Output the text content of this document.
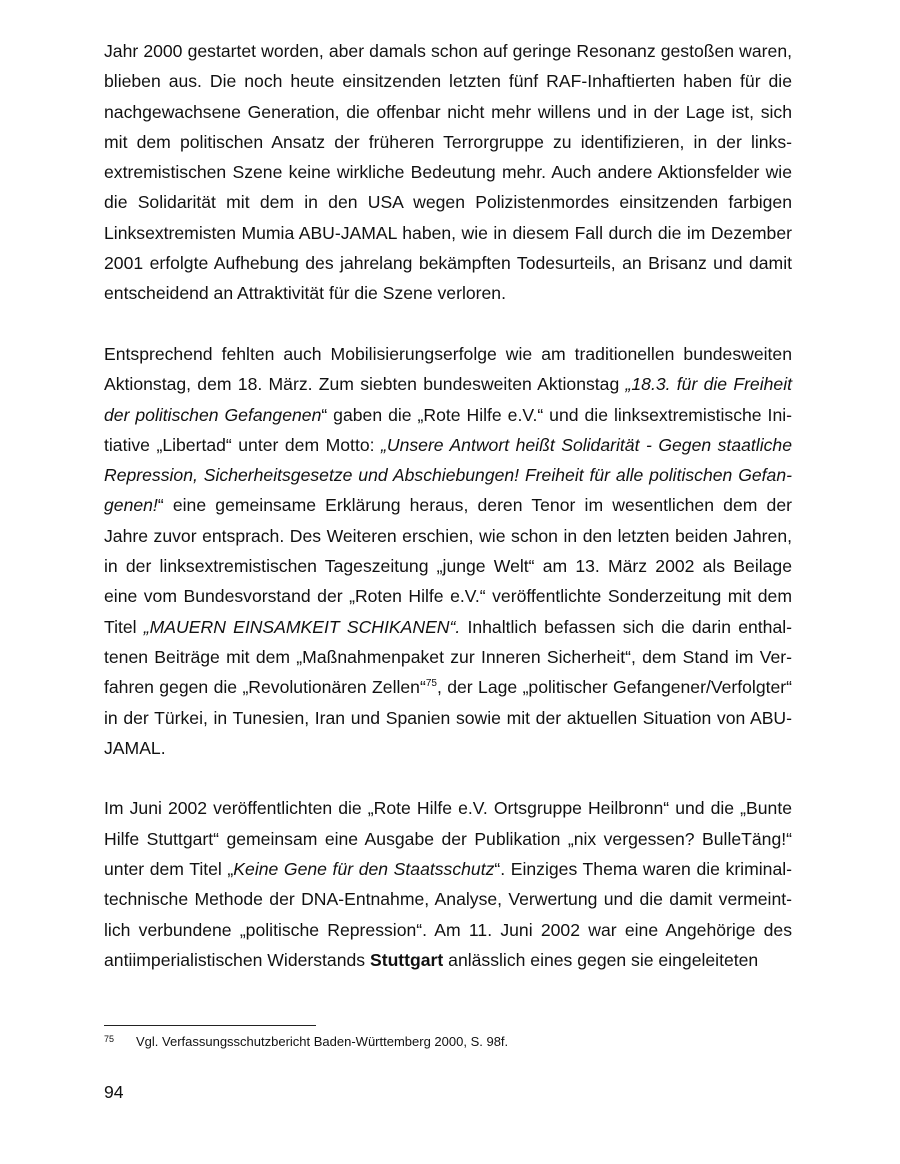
Jahr 2000 gestartet worden, aber damals schon auf geringe Resonanz gestoßen waren, blieben aus. Die noch heute einsitzenden letzten fünf RAF-Inhaftierten haben für die nachgewachsene Generation, die offenbar nicht mehr willens und in der Lage ist, sich mit dem politischen Ansatz der früheren Terrorgruppe zu identifizieren, in der linksextremistischen Szene keine wirkliche Bedeutung mehr. Auch andere Aktionsfelder wie die Solidarität mit dem in den USA wegen Polizistenmordes einsitzenden farbigen Linksextremisten Mumia ABU-JAMAL haben, wie in diesem Fall durch die im Dezember 2001 erfolgte Aufhebung des jahrelang bekämpften Todesurteils, an Brisanz und damit entscheidend an Attraktivität für die Szene verloren.

Entsprechend fehlten auch Mobilisierungserfolge wie am traditionellen bundesweiten Aktionstag, dem 18. März. Zum siebten bundesweiten Aktionstag „18.3. für die Freiheit der politischen Gefangenen“ gaben die „Rote Hilfe e.V.“ und die linksextremistische Initiative „Libertad“ unter dem Motto: „Unsere Antwort heißt Solidarität - Gegen staatliche Repression, Sicherheitsgesetze und Abschiebungen! Freiheit für alle politischen Gefangenen!“ eine gemeinsame Erklärung heraus, deren Tenor im wesentlichen dem der Jahre zuvor entsprach. Des Weiteren erschien, wie schon in den letzten beiden Jahren, in der linksextremistischen Tageszeitung „junge Welt“ am 13. März 2002 als Beilage eine vom Bundesvorstand der „Roten Hilfe e.V.“ veröffentlichte Sonderzeitung mit dem Titel „MAUERN EINSAMKEIT SCHIKANEN“. Inhaltlich befassen sich die darin enthaltenen Beiträge mit dem „Maßnahmenpaket zur Inneren Sicherheit“, dem Stand im Verfahren gegen die „Revolutionären Zellen“$^{75}$, der Lage „politischer Gefangener/Verfolgter“ in der Türkei, in Tunesien, Iran und Spanien sowie mit der aktuellen Situation von ABU-JAMAL.

Im Juni 2002 veröffentlichten die „Rote Hilfe e.V. Ortsgruppe Heilbronn“ und die „Bunte Hilfe Stuttgart“ gemeinsam eine Ausgabe der Publikation „nix vergessen? BulleTäng!“ unter dem Titel „Keine Gene für den Staatsschutz“. Einziges Thema waren die kriminaltechnische Methode der DNA-Entnahme, Analyse, Verwertung und die damit vermeintlich verbundene „politische Repression“. Am 11. Juni 2002 war eine Angehörige des antiimperialistischen Widerstands Stuttgart anlässlich eines gegen sie eingeleiteten

75 Vgl. Verfassungsschutzbericht Baden-Württemberg 2000, S. 98f.
94
